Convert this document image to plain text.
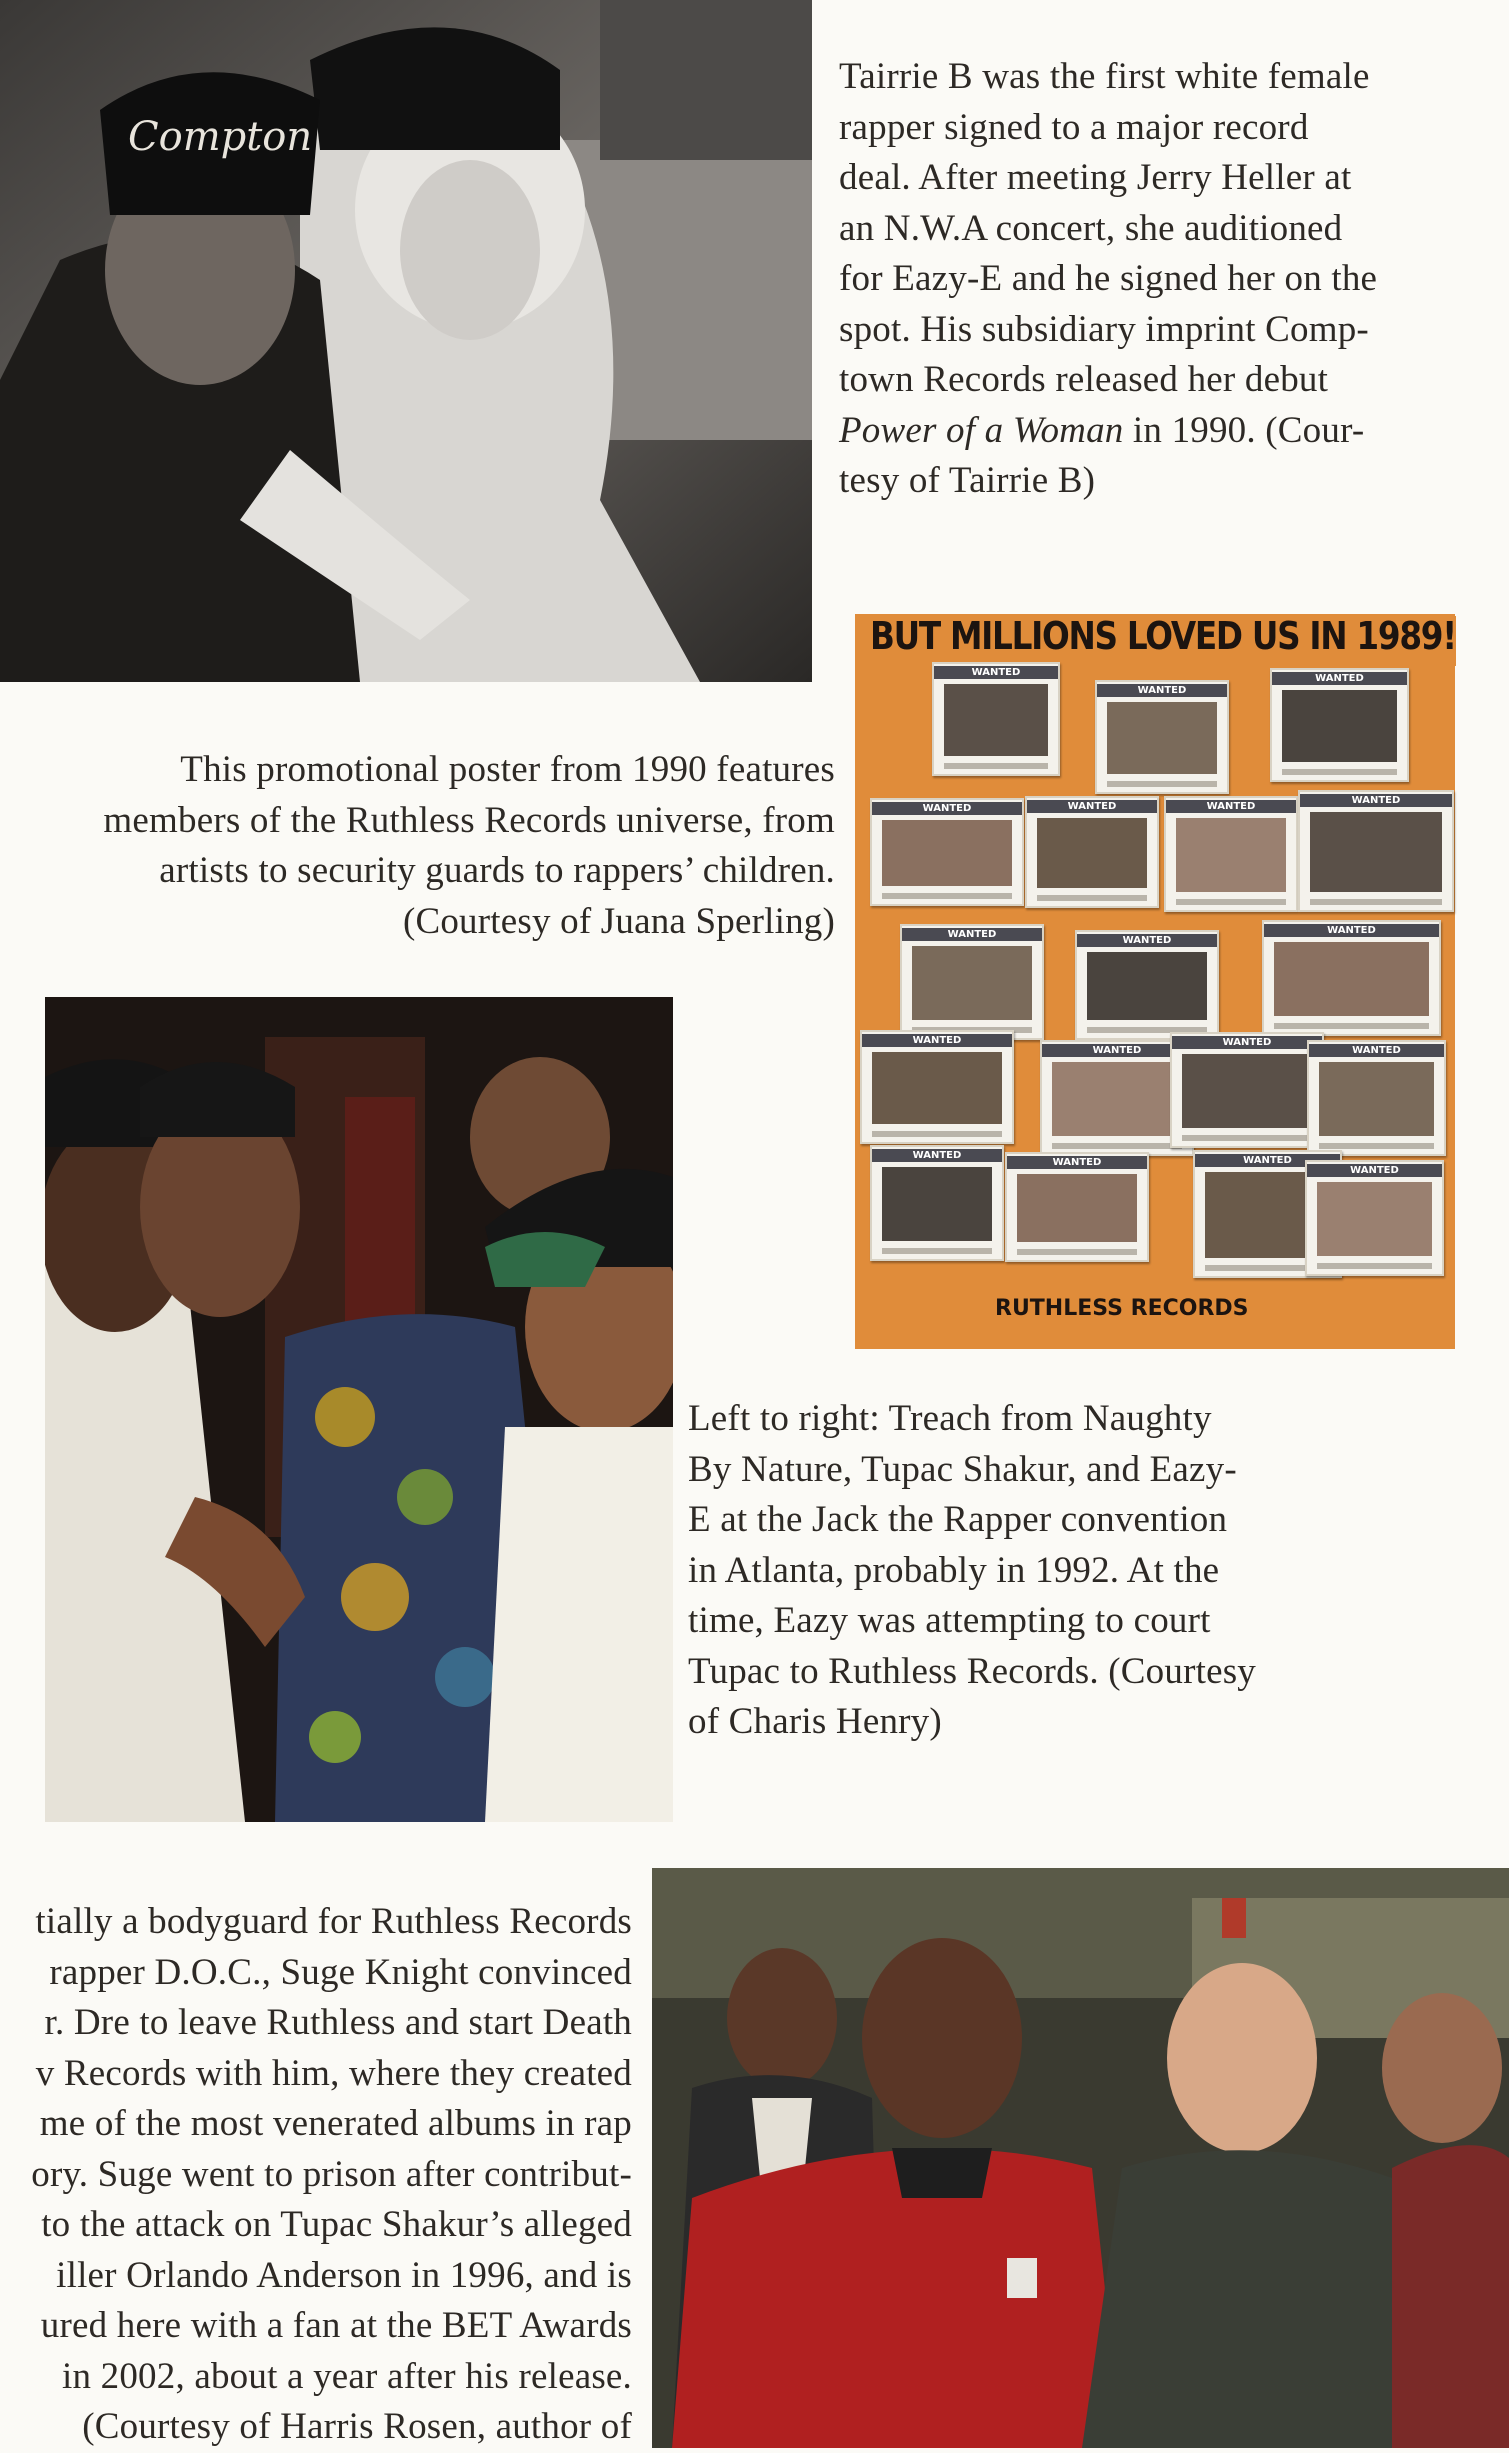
Compton
Tairrie B was the first white female
rapper signed to a major record
deal. After meeting Jerry Heller at
an N.W.A concert, she auditioned
for Eazy-E and he signed her on the
spot. His subsidiary imprint Comp-
town Records released her debut
Power of a Woman in 1990. (Cour-
tesy of Tairrie B)
BUT MILLIONS LOVED US IN 1989!
WANTED
WANTED
WANTED
WANTED	WANTED	WANTED
WANTED
WANTED
WANTED
WANTED
WANTED
WANTED
WANTED
WANTED
WANTED
WANTED	WANTED
WANTED
RUTHLESS RECORDS
This promotional poster from 1990 features
members of the Ruthless Records universe, from
artists to security guards to rappers’ children.
(Courtesy of Juana Sperling)
Left to right: Treach from Naughty
By Nature, Tupac Shakur, and Eazy-
E at the Jack the Rapper convention
in Atlanta, probably in 1992. At the
time, Eazy was attempting to court
Tupac to Ruthless Records. (Courtesy
of Charis Henry)
tially a bodyguard for Ruthless Records
rapper D.O.C., Suge Knight convinced
r. Dre to leave Ruthless and start Death
v Records with him, where they created
me of the most venerated albums in rap
ory. Suge went to prison after contribut-
to the attack on Tupac Shakur’s alleged
iller Orlando Anderson in 1996, and is
ured here with a fan at the BET Awards
in 2002, about a year after his release.
(Courtesy of Harris Rosen, author of
